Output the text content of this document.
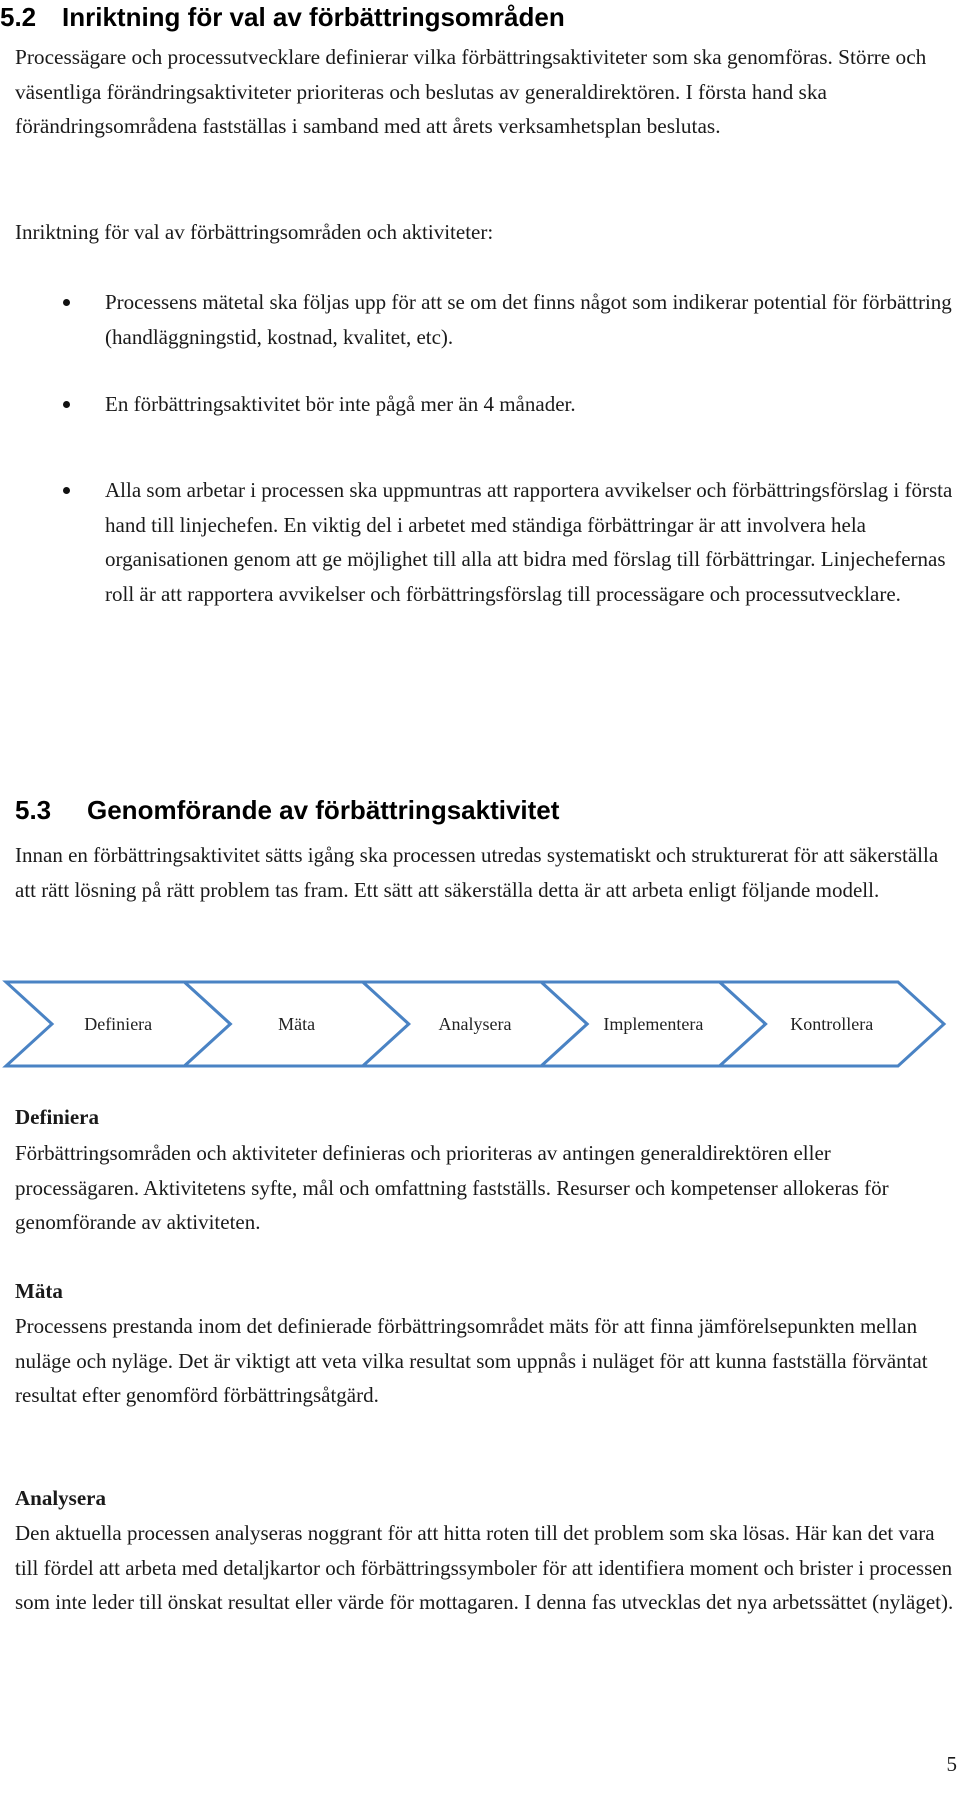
5.2 Inriktning för val av förbättringsområden

Processägare och processutvecklare definierar vilka förbättringsaktiviteter som ska genomföras. Större och väsentliga förändringsaktiviteter prioriteras och beslutas av generaldirektören. I första hand ska förändringsområdena fastställas i samband med att årets verksamhetsplan beslutas.

Inriktning för val av förbättringsområden och aktiviteter:

Processens mätetal ska följas upp för att se om det finns något som indikerar potential för förbättring (handläggningstid, kostnad, kvalitet, etc).

En förbättringsaktivitet bör inte pågå mer än 4 månader.

Alla som arbetar i processen ska uppmuntras att rapportera avvikelser och förbättringsförslag i första hand till linjechefen. En viktig del i arbetet med ständiga förbättringar är att involvera hela organisationen genom att ge möjlighet till alla att bidra med förslag till förbättringar. Linjechefernas roll är att rapportera avvikelser och förbättringsförslag till processägare och processutvecklare.

5.3 Genomförande av förbättringsaktivitet

Innan en förbättringsaktivitet sätts igång ska processen utredas systematiskt och strukturerat för att säkerställa att rätt lösning på rätt problem tas fram. Ett sätt att säkerställa detta är att arbeta enligt följande modell.

Definiera	Mäta	Analysera	Implementera	Kontrollera
Definiera

Förbättringsområden och aktiviteter definieras och prioriteras av antingen generaldirektören eller processägaren. Aktivitetens syfte, mål och omfattning fastställs. Resurser och kompetenser allokeras för genomförande av aktiviteten.

Mäta

Processens prestanda inom det definierade förbättringsområdet mäts för att finna jämförelsepunkten mellan nuläge och nyläge. Det är viktigt att veta vilka resultat som uppnås i nuläget för att kunna fastställa förväntat resultat efter genomförd förbättringsåtgärd.

Analysera

Den aktuella processen analyseras noggrant för att hitta roten till det problem som ska lösas. Här kan det vara till fördel att arbeta med detaljkartor och förbättringssymboler för att identifiera moment och brister i processen som inte leder till önskat resultat eller värde för mottagaren. I denna fas utvecklas det nya arbetssättet (nyläget).

5
